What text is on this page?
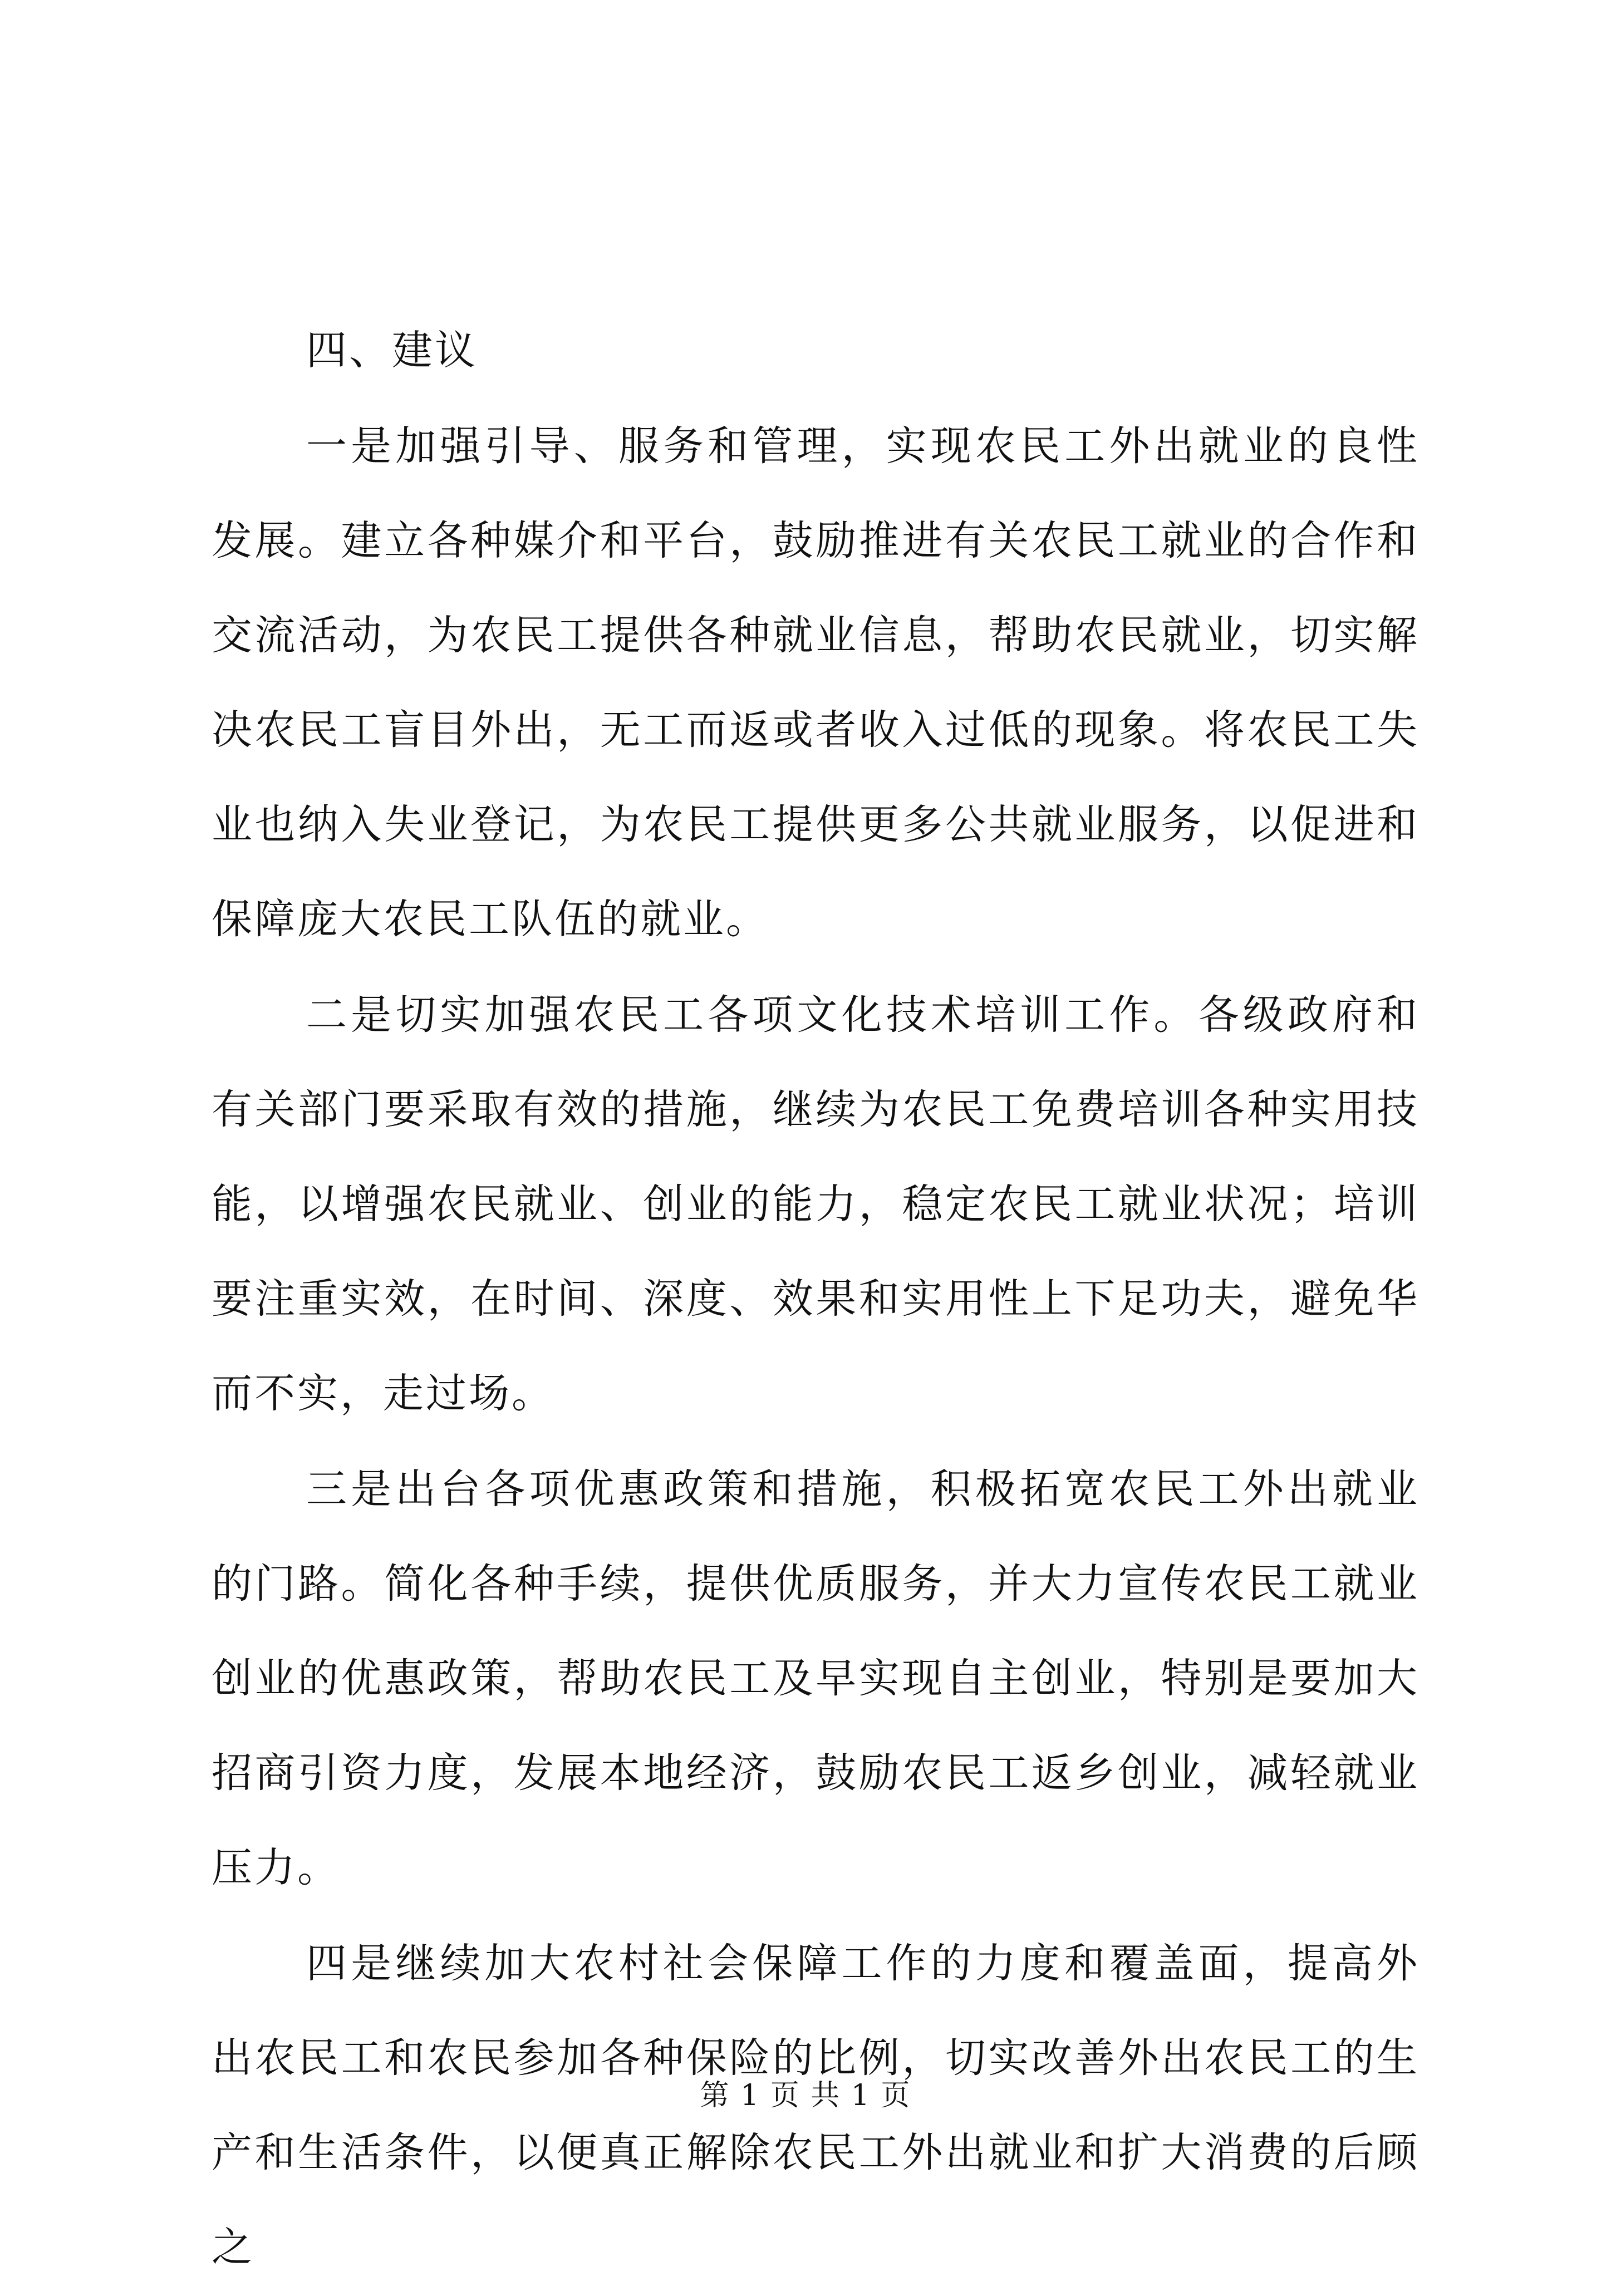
四、建议

一是加强引导、服务和管理，实现农民工外出就业的良性发展。建立各种媒介和平台，鼓励推进有关农民工就业的合作和交流活动，为农民工提供各种就业信息，帮助农民就业，切实解决农民工盲目外出，无工而返或者收入过低的现象。将农民工失业也纳入失业登记，为农民工提供更多公共就业服务，以促进和保障庞大农民工队伍的就业。

二是切实加强农民工各项文化技术培训工作。各级政府和有关部门要采取有效的措施，继续为农民工免费培训各种实用技能，以增强农民就业、创业的能力，稳定农民工就业状况；培训要注重实效，在时间、深度、效果和实用性上下足功夫，避免华而不实，走过场。

三是出台各项优惠政策和措施，积极拓宽农民工外出就业的门路。简化各种手续，提供优质服务，并大力宣传农民工就业创业的优惠政策，帮助农民工及早实现自主创业，特别是要加大招商引资力度，发展本地经济，鼓励农民工返乡创业，减轻就业压力。

四是继续加大农村社会保障工作的力度和覆盖面，提高外出农民工和农民参加各种保险的比例，切实改善外出农民工的生产和生活条件，以便真正解除农民工外出就业和扩大消费的后顾之

第 1 页 共 1 页
